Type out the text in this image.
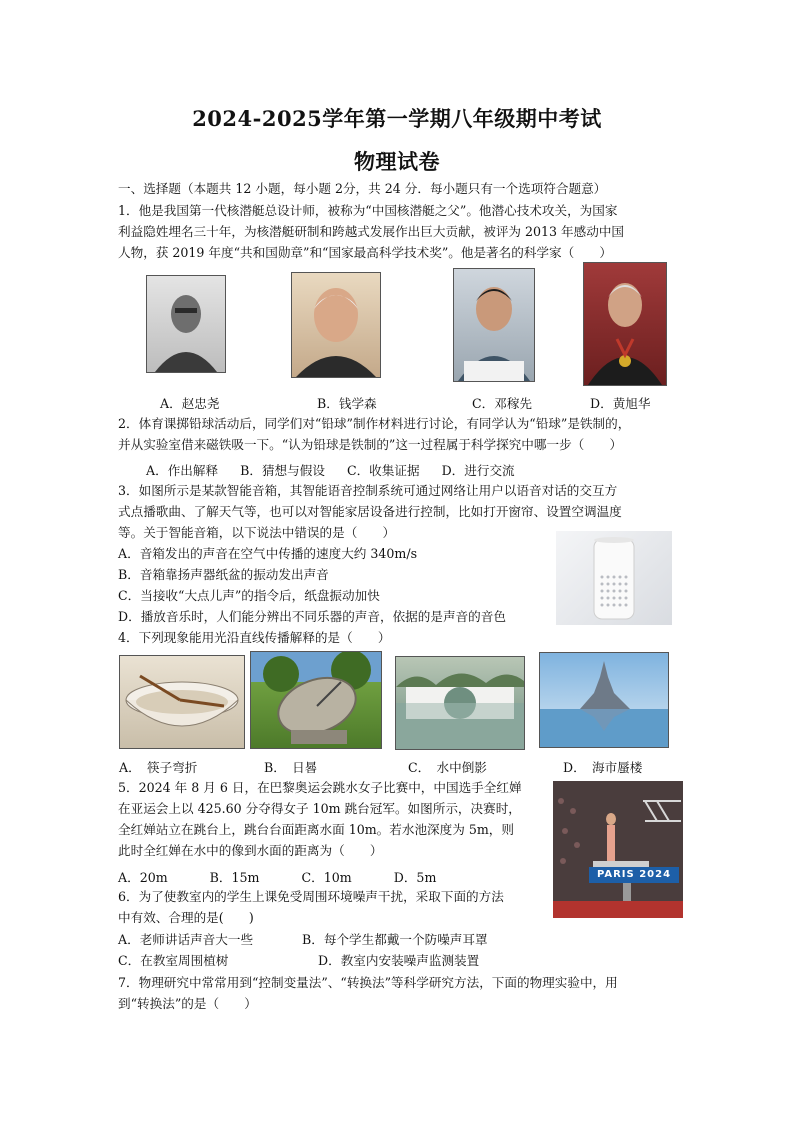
2024-2025学年第一学期八年级期中考试
物理试卷
一、选择题（本题共 12 小题，每小题 2分，共 24 分．每小题只有一个选项符合题意）
1．他是我国第一代核潜艇总设计师，被称为“中国核潜艇之父”。他潜心技术攻关，为国家
利益隐姓埋名三十年，为核潜艇研制和跨越式发展作出巨大贡献，被评为 2013 年感动中国
人物，获 2019 年度“共和国勋章”和“国家最高科学技术奖”。他是著名的科学家（　　）
A．赵忠尧	B．钱学森	C．邓稼先	D．黄旭华
2．体育课掷铅球活动后，同学们对“铅球”制作材料进行讨论，有同学认为“铅球”是铁制的，
并从实验室借来磁铁吸一下。“认为铅球是铁制的”这一过程属于科学探究中哪一步（　　）
A．作出解释 B．猜想与假设 C．收集证据 D．进行交流
3．如图所示是某款智能音箱，其智能语音控制系统可通过网络让用户以语音对话的交互方
式点播歌曲、了解天气等，也可以对智能家居设备进行控制，比如打开窗帘、设置空调温度
等。关于智能音箱，以下说法中错误的是（　　）
A．音箱发出的声音在空气中传播的速度大约 340m/s
B．音箱靠扬声器纸盆的振动发出声音
C．当接收“大点儿声”的指令后，纸盘振动加快
D．播放音乐时，人们能分辨出不同乐器的声音，依据的是声音的音色
4．下列现象能用光沿直线传播解释的是（　　）
A．　筷子弯折	B．　日晷	C．　水中倒影	D．　海市蜃楼
5．2024 年 8 月 6 日，在巴黎奥运会跳水女子比赛中，中国选手全红婵
在亚运会上以 425.60 分夺得女子 10m 跳台冠军。如图所示，决赛时，
全红婵站立在跳台上，跳台台面距离水面 10m。若水池深度为 5m，则
此时全红婵在水中的像到水面的距离为（　　）
A．20m	B．15m	C．10m	D．5m	PARIS 2024
6．为了使教室内的学生上课免受周围环境噪声干扰，采取下面的方法
中有效、合理的是(　　)
A．老师讲话声音大一些	B．每个学生都戴一个防噪声耳罩
C．在教室周围植树	D．教室内安装噪声监测装置
7．物理研究中常常用到“控制变量法”、“转换法”等科学研究方法，下面的物理实验中，用
到“转换法”的是（　　）
